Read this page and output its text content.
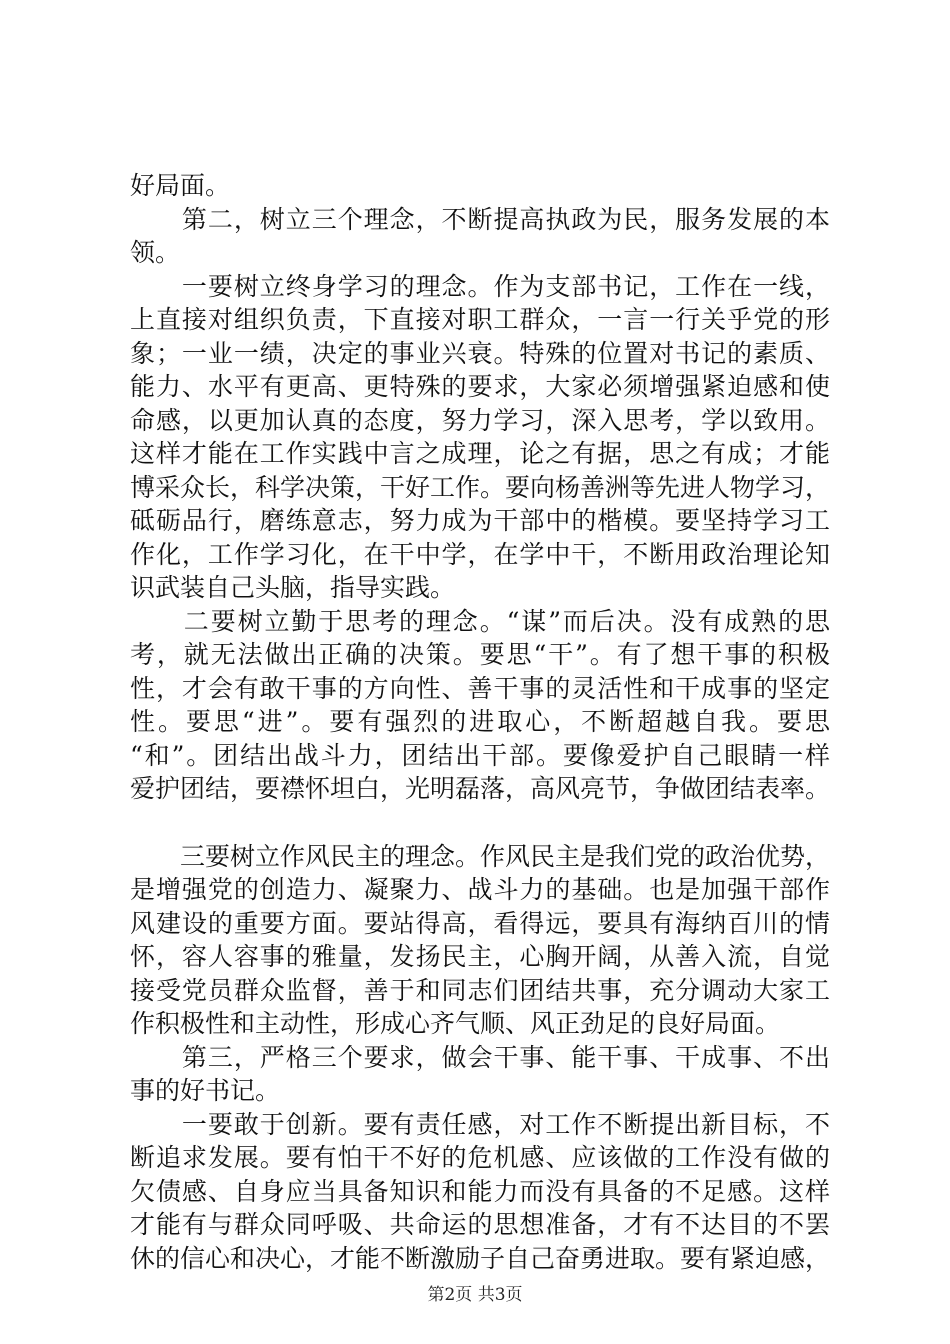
好局面。
　　第二，树立三个理念，不断提高执政为民，服务发展的本
领。
　　一要树立终身学习的理念。作为支部书记，工作在一线，
上直接对组织负责，下直接对职工群众，一言一行关乎党的形
象；一业一绩，决定的事业兴衰。特殊的位置对书记的素质、
能力、水平有更高、更特殊的要求，大家必须增强紧迫感和使
命感，以更加认真的态度，努力学习，深入思考，学以致用。
这样才能在工作实践中言之成理，论之有据，思之有成；才能
博采众长，科学决策，干好工作。要向杨善洲等先进人物学习，
砥砺品行，磨练意志，努力成为干部中的楷模。要坚持学习工
作化，工作学习化，在干中学，在学中干，不断用政治理论知
识武装自己头脑，指导实践。
　　二要树立勤于思考的理念。“谋”而后决。没有成熟的思
考，就无法做出正确的决策。要思“干”。有了想干事的积极
性，才会有敢干事的方向性、善干事的灵活性和干成事的坚定
性。要思“进”。要有强烈的进取心，不断超越自我。要思
“和”。团结出战斗力，团结出干部。要像爱护自己眼睛一样
爱护团结，要襟怀坦白，光明磊落，高风亮节，争做团结表率。
　　三要树立作风民主的理念。作风民主是我们党的政治优势，
是增强党的创造力、凝聚力、战斗力的基础。也是加强干部作
风建设的重要方面。要站得高，看得远，要具有海纳百川的情
怀，容人容事的雅量，发扬民主，心胸开阔，从善入流，自觉
接受党员群众监督，善于和同志们团结共事，充分调动大家工
作积极性和主动性，形成心齐气顺、风正劲足的良好局面。
　　第三，严格三个要求，做会干事、能干事、干成事、不出
事的好书记。
　　一要敢于创新。要有责任感，对工作不断提出新目标，不
断追求发展。要有怕干不好的危机感、应该做的工作没有做的
欠债感、自身应当具备知识和能力而没有具备的不足感。这样
才能有与群众同呼吸、共命运的思想准备，才有不达目的不罢
休的信心和决心，才能不断激励子自己奋勇进取。要有紧迫感，
第2页 共3页
